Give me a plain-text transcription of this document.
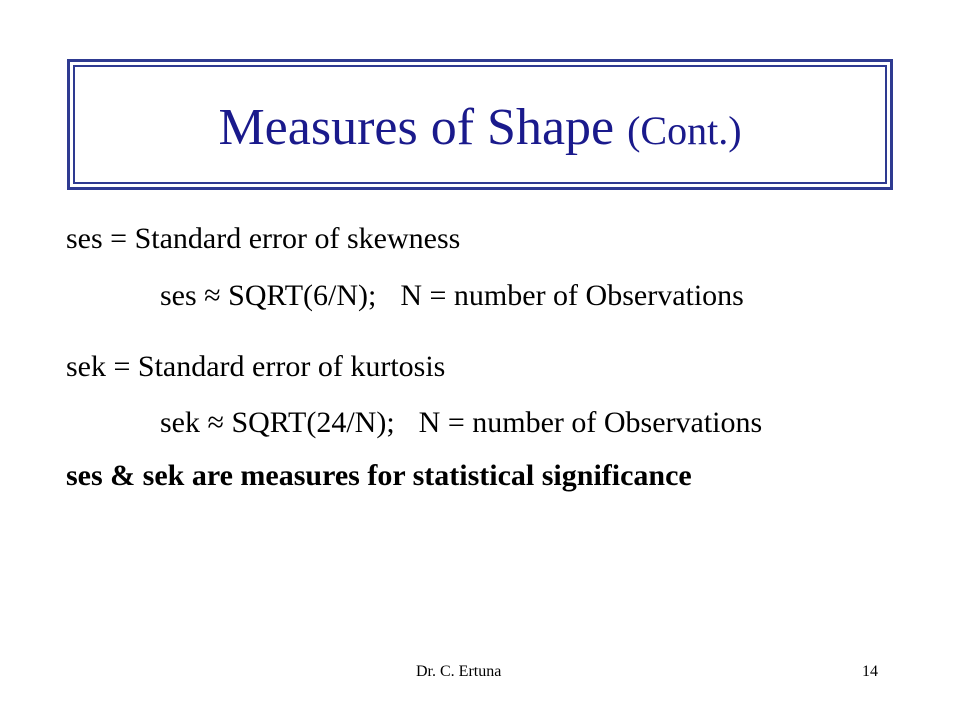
Measures of Shape (Cont.)
ses = Standard error of skewness
ses ≈ SQRT(6/N); N = number of Observations
sek = Standard error of kurtosis
sek ≈ SQRT(24/N); N = number of Observations
ses & sek are measures for statistical significance
Dr. C. Ertuna	14
